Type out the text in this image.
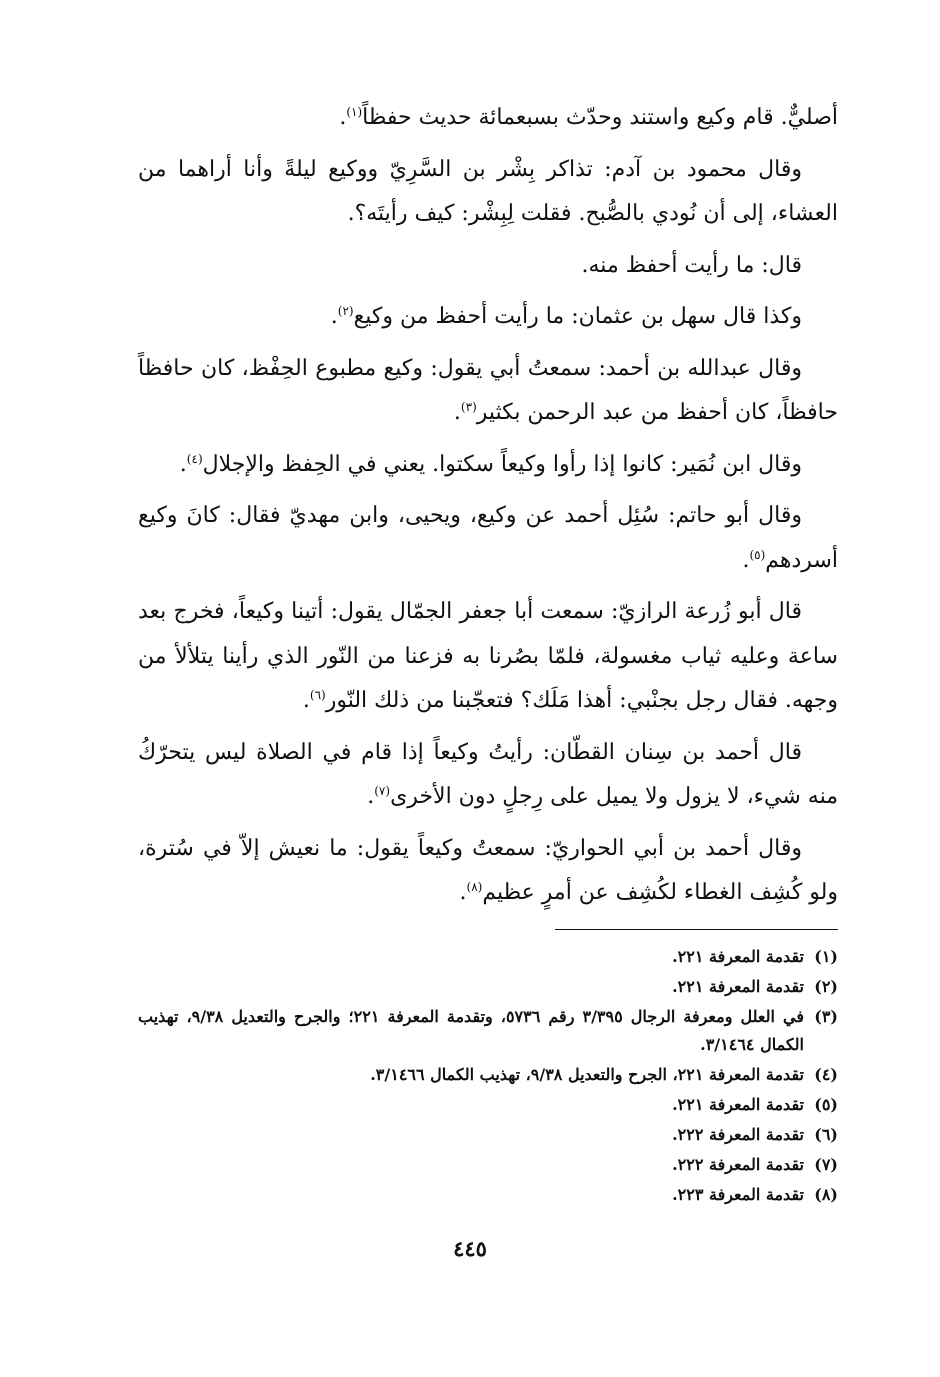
أصليٌّ. قام وكيع واستند وحدّث بسبعمائة حديث حفظاً$^{(١)}$.

وقال محمود بن آدم: تذاكر بِشْر بن السَّرِيّ ووكيع ليلةً وأنا أراهما من العشاء، إلى أن نُودي بالصُّبح. فقلت لِبِشْر: كيف رأيتَه؟.

قال: ما رأيت أحفظ منه.

وكذا قال سهل بن عثمان: ما رأيت أحفظ من وكيع$^{(٢)}$.

وقال عبدالله بن أحمد: سمعتُ أبي يقول: وكيع مطبوع الحِفْظ، كان حافظاً حافظاً، كان أحفظ من عبد الرحمن بكثير$^{(٣)}$.

وقال ابن نُمَير: كانوا إذا رأوا وكيعاً سكتوا. يعني في الحِفظ والإجلال$^{(٤)}$.

وقال أبو حاتم: سُئِل أحمد عن وكيع، ويحيى، وابن مهديّ فقال: كانَ وكيع أسردهم$^{(٥)}$.

قال أبو زُرعة الرازيّ: سمعت أبا جعفر الجمّال يقول: أتينا وكيعاً، فخرج بعد ساعة وعليه ثياب مغسولة، فلمّا بصُرنا به فزعنا من النّور الذي رأينا يتلألأ من وجهه. فقال رجل بجنْبي: أهذا مَلَك؟ فتعجّبنا من ذلك النّور$^{(٦)}$.

قال أحمد بن سِنان القطّان: رأيتُ وكيعاً إذا قام في الصلاة ليس يتحرّكُ منه شيء، لا يزول ولا يميل على رِجلٍ دون الأخرى$^{(٧)}$.

وقال أحمد بن أبي الحواريّ: سمعتُ وكيعاً يقول: ما نعيش إلاّ في سُترة، ولو كُشِف الغطاء لكُشِف عن أمرٍ عظيم$^{(٨)}$.

(١)
تقدمة المعرفة ٢٢١.
(٢)
تقدمة المعرفة ٢٢١.
(٣)
في العلل ومعرفة الرجال ٣/٣٩٥ رقم ٥٧٣٦، وتقدمة المعرفة ٢٢١؛ والجرح والتعديل ٩/٣٨، تهذيب الكمال ٣/١٤٦٤.
(٤)
تقدمة المعرفة ٢٢١، الجرح والتعديل ٩/٣٨، تهذيب الكمال ٣/١٤٦٦.
(٥)
تقدمة المعرفة ٢٢١.
(٦)
تقدمة المعرفة ٢٢٢.
(٧)
تقدمة المعرفة ٢٢٢.
(٨)
تقدمة المعرفة ٢٢٣.
٤٤٥
